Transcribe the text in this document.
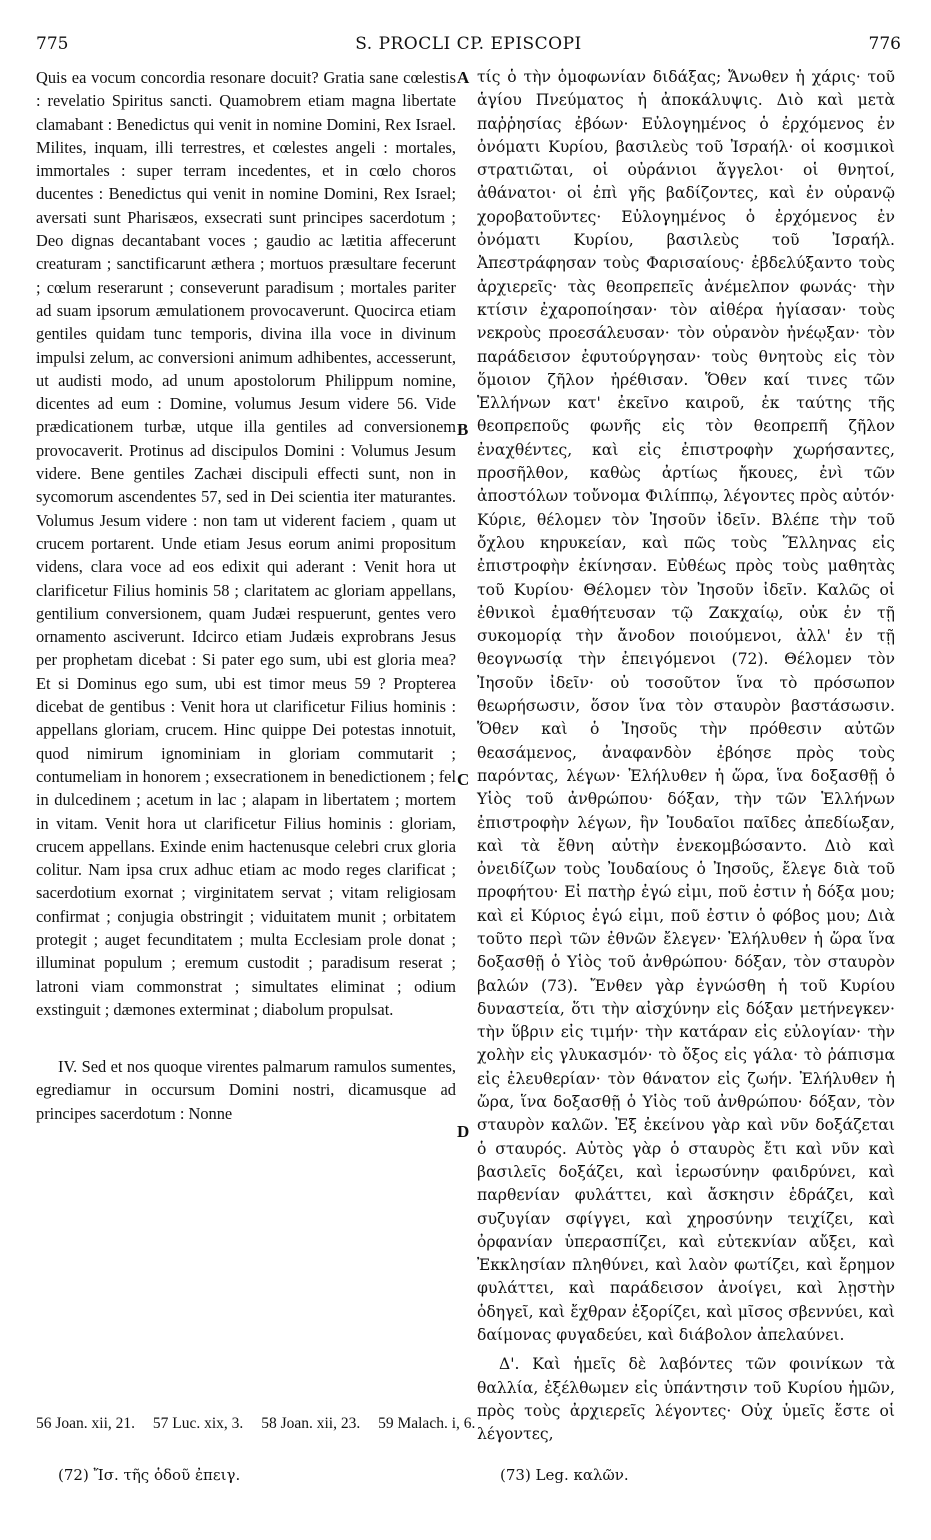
775	S. PROCLI CP. EPISCOPI	776

Quis ea vocum concordia resonare docuit? Gratia sane cœlestis : revelatio Spiritus sancti. Quamobrem etiam magna libertate clamabant : Benedictus qui venit in nomine Domini, Rex Israel. Milites, inquam, illi terrestres, et cœlestes angeli : mortales, immortales : super terram incedentes, et in cœlo choros ducentes : Benedictus qui venit in nomine Domini, Rex Israel; aversati sunt Pharisæos, exsecrati sunt principes sacerdotum ; Deo dignas decantabant voces ; gaudio ac lætitia affecerunt creaturam ; sanctificarunt æthera ; mortuos præsultare fecerunt ; cœlum reserarunt ; conseverunt paradisum ; mortales pariter ad suam ipsorum æmulationem provocaverunt. Quocirca etiam gentiles quidam tunc temporis, divina illa voce in divinum impulsi zelum, ac conversioni animum adhibentes, accesserunt, ut audisti modo, ad unum apostolorum Philippum nomine, dicentes ad eum : Domine, volumus Jesum videre 56. Vide prædicationem turbæ, utque illa gentiles ad conversionem provocaverit. Protinus ad discipulos Domini : Volumus Jesum videre. Bene gentiles Zachæi discipuli effecti sunt, non in sycomorum ascendentes 57, sed in Dei scientia iter maturantes. Volumus Jesum videre : non tam ut viderent faciem , quam ut crucem portarent. Unde etiam Jesus eorum animi propositum videns, clara voce ad eos edixit qui aderant : Venit hora ut clarificetur Filius hominis 58 ; claritatem ac gloriam appellans, gentilium conversionem, quam Judæi respuerunt, gentes vero ornamento asciverunt. Idcirco etiam Judæis exprobrans Jesus per prophetam dicebat : Si pater ego sum, ubi est gloria mea? Et si Dominus ego sum, ubi est timor meus 59 ? Propterea dicebat de gentibus : Venit hora ut clarificetur Filius hominis : appellans gloriam, crucem. Hinc quippe Dei potestas innotuit, quod nimirum ignominiam in gloriam commutarit ; contumeliam in honorem ; exsecrationem in benedictionem ; fel in dulcedinem ; acetum in lac ; alapam in libertatem ; mortem in vitam. Venit hora ut clarificetur Filius hominis : gloriam, crucem appellans. Exinde enim hactenusque celebri crux gloria colitur. Nam ipsa crux adhuc etiam ac modo reges clarificat ; sacerdotium exornat ; virginitatem servat ; vitam religiosam confirmat ; conjugia obstringit ; viduitatem munit ; orbitatem protegit ; auget fecunditatem ; multa Ecclesiam prole donat ; illuminat populum ; eremum custodit ; paradisum reserat ; latroni viam commonstrat ; simultates eliminat ; odium exstinguit ; dæmones exterminat ; diabolum propulsat.

IV. Sed et nos quoque virentes palmarum ramulos sumentes, egrediamur in occursum Domini nostri, dicamusque ad principes sacerdotum : Nonne

A
B
C
D

τίς ὁ τὴν ὁμοφωνίαν διδάξας; Ἄνωθεν ἡ χάρις· τοῦ ἁγίου Πνεύματος ἡ ἀποκάλυψις. Διὸ καὶ μετὰ παῤῥησίας ἐβόων· Εὐλογημένος ὁ ἐρχόμενος ἐν ὀνόματι Κυρίου, βασιλεὺς τοῦ Ἰσραήλ· οἱ κοσμικοὶ στρατιῶται, οἱ οὐράνιοι ἄγγελοι· οἱ θνητοί, ἀθάνατοι· οἱ ἐπὶ γῆς βαδίζοντες, καὶ ἐν οὐρανῷ χοροβατοῦντες· Εὐλογημένος ὁ ἐρχόμενος ἐν ὀνόματι Κυρίου, βασιλεὺς τοῦ Ἰσραήλ. Ἀπεστράφησαν τοὺς Φαρισαίους· ἐβδελύξαντο τοὺς ἀρχιερεῖς· τὰς θεοπρεπεῖς ἀνέμελπον φωνάς· τὴν κτίσιν ἐχαροποίησαν· τὸν αἰθέρα ἡγίασαν· τοὺς νεκροὺς προεσάλευσαν· τὸν οὐρανὸν ἠνέῳξαν· τὸν παράδεισον ἐφυτούργησαν· τοὺς θνητοὺς εἰς τὸν ὅμοιον ζῆλον ἠρέθισαν. Ὅθεν καί τινες τῶν Ἑλλήνων κατ' ἐκεῖνο καιροῦ, ἐκ ταύτης τῆς θεοπρεποῦς φωνῆς εἰς τὸν θεοπρεπῆ ζῆλον ἐναχθέντες, καὶ εἰς ἐπιστροφὴν χωρήσαντες, προσῆλθον, καθὼς ἀρτίως ἤκουες, ἐνὶ τῶν ἀποστόλων τοὔνομα Φιλίππῳ, λέγοντες πρὸς αὐτόν· Κύριε, θέλομεν τὸν Ἰησοῦν ἰδεῖν. Βλέπε τὴν τοῦ ὄχλου κηρυκείαν, καὶ πῶς τοὺς Ἕλληνας εἰς ἐπιστροφὴν ἐκίνησαν. Εὐθέως πρὸς τοὺς μαθητὰς τοῦ Κυρίου· Θέλομεν τὸν Ἰησοῦν ἰδεῖν. Καλῶς οἱ ἐθνικοὶ ἐμαθήτευσαν τῷ Ζακχαίῳ, οὐκ ἐν τῇ συκομορίᾳ τὴν ἄνοδον ποιούμενοι, ἀλλ' ἐν τῇ θεογνωσίᾳ τὴν ἐπειγόμενοι (72). Θέλομεν τὸν Ἰησοῦν ἰδεῖν· οὐ τοσοῦτον ἵνα τὸ πρόσωπον θεωρήσωσιν, ὅσον ἵνα τὸν σταυρὸν βαστάσωσιν. Ὅθεν καὶ ὁ Ἰησοῦς τὴν πρόθεσιν αὐτῶν θεασάμενος, ἀναφανδὸν ἐβόησε πρὸς τοὺς παρόντας, λέγων· Ἐλήλυθεν ἡ ὥρα, ἵνα δοξασθῇ ὁ Υἱὸς τοῦ ἀνθρώπου· δόξαν, τὴν τῶν Ἑλλήνων ἐπιστροφὴν λέγων, ἣν Ἰουδαῖοι παῖδες ἀπεδίωξαν, καὶ τὰ ἔθνη αὐτὴν ἐνεκομβώσαντο. Διὸ καὶ ὀνειδίζων τοὺς Ἰουδαίους ὁ Ἰησοῦς, ἔλεγε διὰ τοῦ προφήτου· Εἰ πατὴρ ἐγώ εἰμι, ποῦ ἐστιν ἡ δόξα μου; καὶ εἰ Κύριος ἐγώ εἰμι, ποῦ ἐστιν ὁ φόβος μου; Διὰ τοῦτο περὶ τῶν ἐθνῶν ἔλεγεν· Ἐλήλυθεν ἡ ὥρα ἵνα δοξασθῇ ὁ Υἱὸς τοῦ ἀνθρώπου· δόξαν, τὸν σταυρὸν βαλών (73). Ἔνθεν γὰρ ἐγνώσθη ἡ τοῦ Κυρίου δυναστεία, ὅτι τὴν αἰσχύνην εἰς δόξαν μετήνεγκεν· τὴν ὕβριν εἰς τιμήν· τὴν κατάραν εἰς εὐλογίαν· τὴν χολὴν εἰς γλυκασμόν· τὸ ὄξος εἰς γάλα· τὸ ῥάπισμα εἰς ἐλευθερίαν· τὸν θάνατον εἰς ζωήν. Ἐλήλυθεν ἡ ὥρα, ἵνα δοξασθῇ ὁ Υἱὸς τοῦ ἀνθρώπου· δόξαν, τὸν σταυρὸν καλῶν. Ἐξ ἐκείνου γὰρ καὶ νῦν δοξάζεται ὁ σταυρός. Αὐτὸς γὰρ ὁ σταυρὸς ἔτι καὶ νῦν καὶ βασιλεῖς δοξάζει, καὶ ἱερωσύνην φαιδρύνει, καὶ παρθενίαν φυλάττει, καὶ ἄσκησιν ἑδράζει, καὶ συζυγίαν σφίγγει, καὶ χηροσύνην τειχίζει, καὶ ὀρφανίαν ὑπερασπίζει, καὶ εὐτεκνίαν αὔξει, καὶ Ἐκκλησίαν πληθύνει, καὶ λαὸν φωτίζει, καὶ ἔρημον φυλάττει, καὶ παράδεισον ἀνοίγει, καὶ λῃστὴν ὁδηγεῖ, καὶ ἔχθραν ἐξορίζει, καὶ μῖσος σβεννύει, καὶ δαίμονας φυγαδεύει, καὶ διάβολον ἀπελαύνει.

Δ'. Καὶ ἡμεῖς δὲ λαβόντες τῶν φοινίκων τὰ θαλλία, ἐξέλθωμεν εἰς ὑπάντησιν τοῦ Κυρίου ἡμῶν, πρὸς τοὺς ἀρχιερεῖς λέγοντες· Οὐχ ὑμεῖς ἔστε οἱ λέγοντες,

56 Joan. xii, 21. 57 Luc. xix, 3. 58 Joan. xii, 23. 59 Malach. i, 6.
(72) Ἴσ. τῆς ὁδοῦ ἐπειγ.	(73) Leg. καλῶν.
